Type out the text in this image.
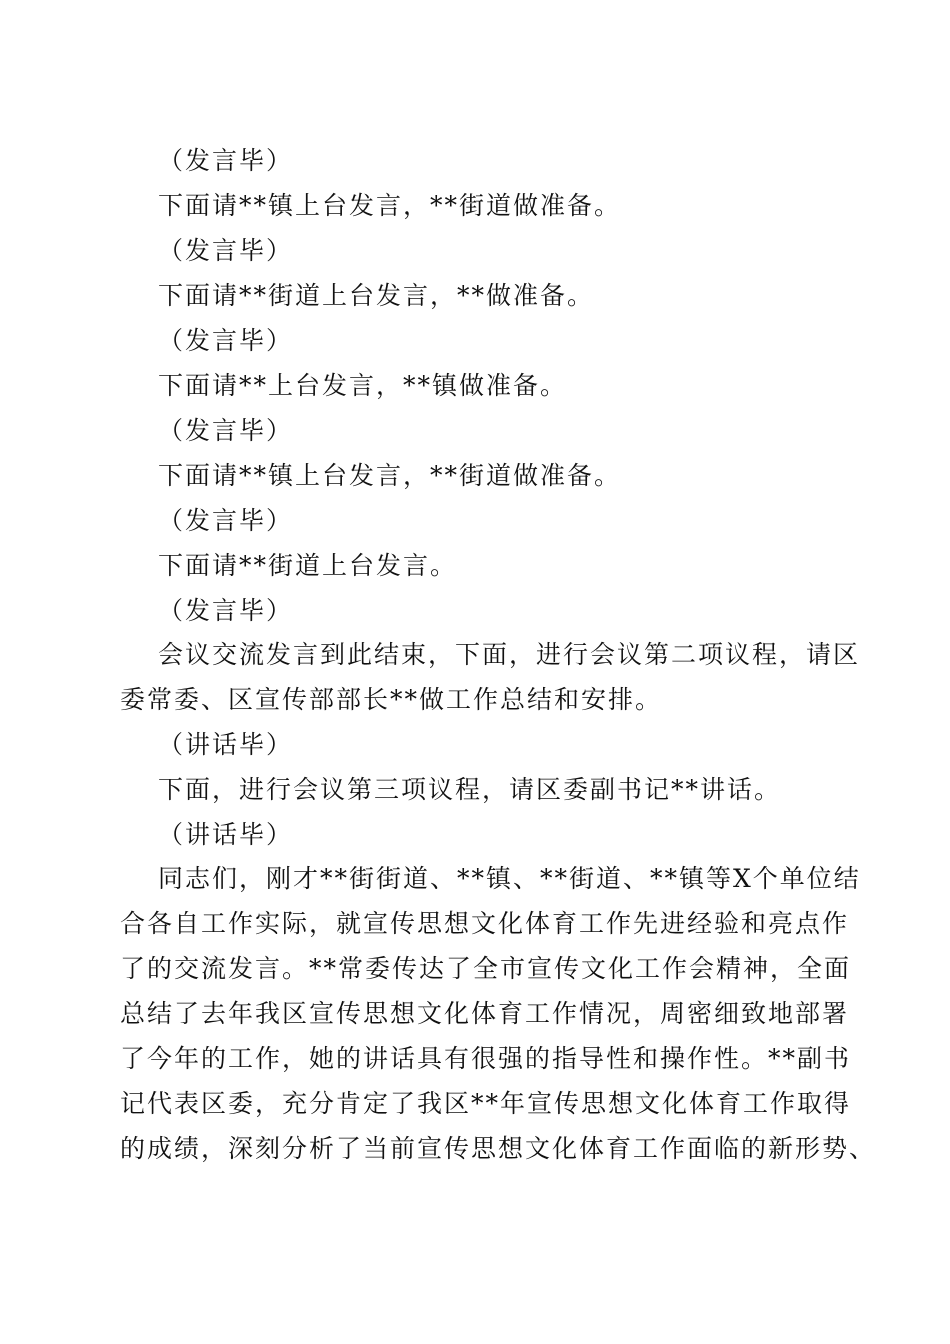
（发言毕）
下面请**镇上台发言，**街道做准备。
（发言毕）
下面请**街道上台发言，**做准备。
（发言毕）
下面请**上台发言，**镇做准备。
（发言毕）
下面请**镇上台发言，**街道做准备。
（发言毕）
下面请**街道上台发言。
（发言毕）
会议交流发言到此结束，下面，进行会议第二项议程，请区
委常委、区宣传部部长**做工作总结和安排。
（讲话毕）
下面，进行会议第三项议程，请区委副书记**讲话。
（讲话毕）
同志们，刚才**街街道、**镇、**街道、**镇等X个单位结
合各自工作实际，就宣传思想文化体育工作先进经验和亮点作
了的交流发言。**常委传达了全市宣传文化工作会精神，全面
总结了去年我区宣传思想文化体育工作情况，周密细致地部署
了今年的工作，她的讲话具有很强的指导性和操作性。**副书
记代表区委，充分肯定了我区**年宣传思想文化体育工作取得
的成绩，深刻分析了当前宣传思想文化体育工作面临的新形势、
